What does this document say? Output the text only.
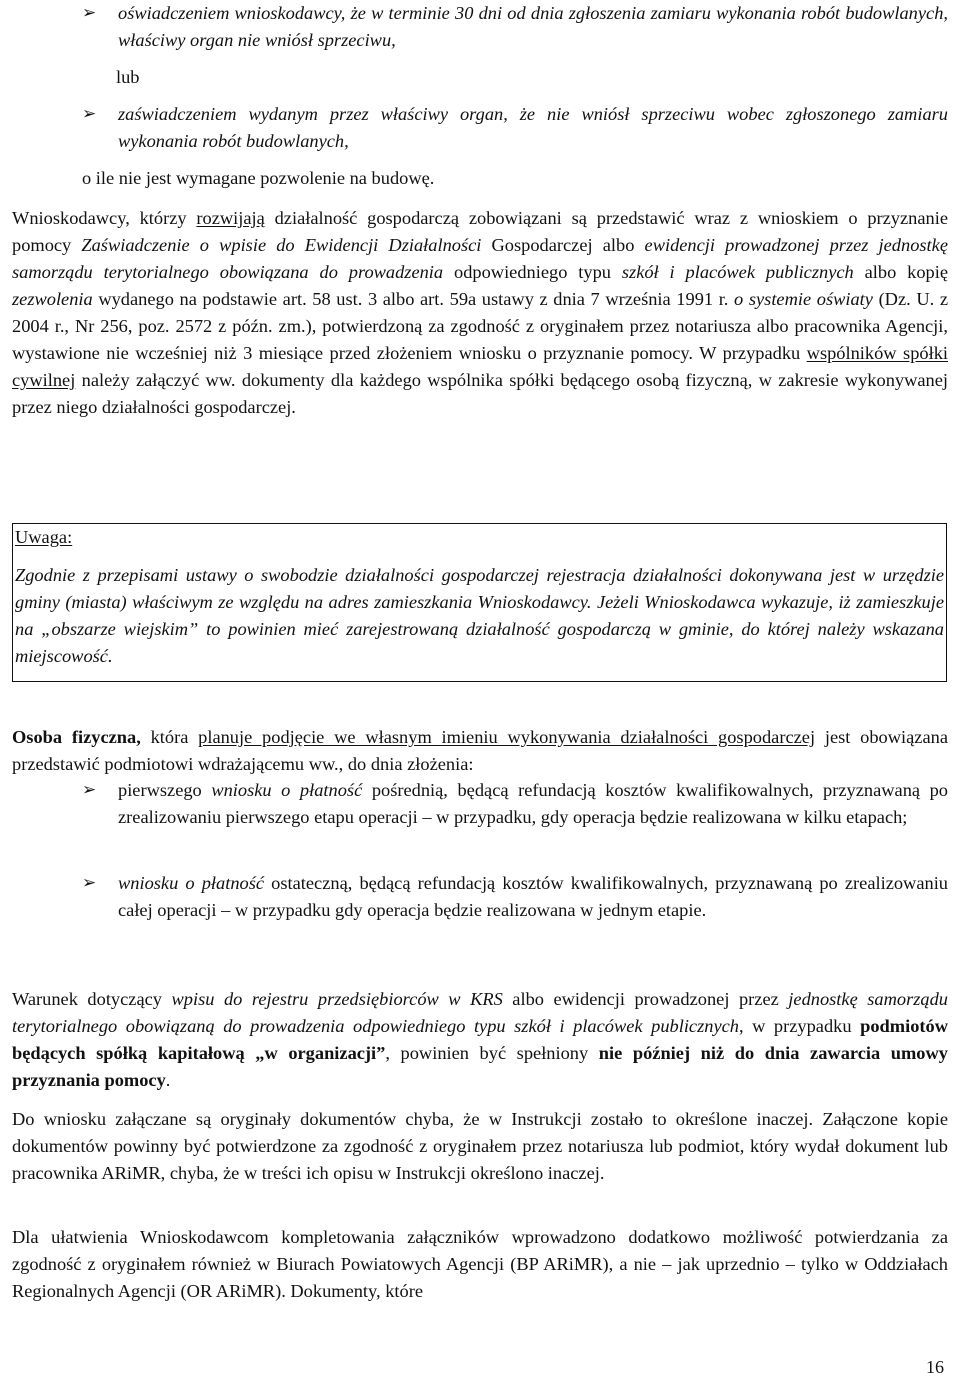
➢	oświadczeniem wnioskodawcy, że w terminie 30 dni od dnia zgłoszenia zamiaru wykonania robót budowlanych, właściwy organ nie wniósł sprzeciwu,
lub
➢	zaświadczeniem wydanym przez właściwy organ, że nie wniósł sprzeciwu wobec zgłoszonego zamiaru wykonania robót budowlanych,
o ile nie jest wymagane pozwolenie na budowę.
Wnioskodawcy, którzy rozwijają działalność gospodarczą zobowiązani są przedstawić wraz z wnioskiem o przyznanie pomocy Zaświadczenie o wpisie do Ewidencji Działalności Gospodarczej albo ewidencji prowadzonej przez jednostkę samorządu terytorialnego obowiązana do prowadzenia odpowiedniego typu szkół i placówek publicznych albo kopię zezwolenia wydanego na podstawie art. 58 ust. 3 albo art. 59a ustawy z dnia 7 września 1991 r. o systemie oświaty (Dz. U. z 2004 r., Nr 256, poz. 2572 z późn. zm.), potwierdzoną za zgodność z oryginałem przez notariusza albo pracownika Agencji, wystawione nie wcześniej niż 3 miesiące przed złożeniem wniosku o przyznanie pomocy. W przypadku wspólników spółki cywilnej należy załączyć ww. dokumenty dla każdego wspólnika spółki będącego osobą fizyczną, w zakresie wykonywanej przez niego działalności gospodarczej.
Uwaga:
Zgodnie z przepisami ustawy o swobodzie działalności gospodarczej rejestracja działalności dokonywana jest w urzędzie gminy (miasta) właściwym ze względu na adres zamieszkania Wnioskodawcy. Jeżeli Wnioskodawca wykazuje, iż zamieszkuje na „obszarze wiejskim” to powinien mieć zarejestrowaną działalność gospodarczą w gminie, do której należy wskazana miejscowość.
Osoba fizyczna, która planuje podjęcie we własnym imieniu wykonywania działalności gospodarczej jest obowiązana przedstawić podmiotowi wdrażającemu ww., do dnia złożenia:
➢	pierwszego wniosku o płatność pośrednią, będącą refundacją kosztów kwalifikowalnych, przyznawaną po zrealizowaniu pierwszego etapu operacji – w przypadku, gdy operacja będzie realizowana w kilku etapach;
➢	wniosku o płatność ostateczną, będącą refundacją kosztów kwalifikowalnych, przyznawaną po zrealizowaniu całej operacji – w przypadku gdy operacja będzie realizowana w jednym etapie.
Warunek dotyczący wpisu do rejestru przedsiębiorców w KRS albo ewidencji prowadzonej przez jednostkę samorządu terytorialnego obowiązaną do prowadzenia odpowiedniego typu szkół i placówek publicznych, w przypadku podmiotów będących spółką kapitałową „w organizacji”, powinien być spełniony nie później niż do dnia zawarcia umowy przyznania pomocy.
Do wniosku załączane są oryginały dokumentów chyba, że w Instrukcji zostało to określone inaczej. Załączone kopie dokumentów powinny być potwierdzone za zgodność z oryginałem przez notariusza lub podmiot, który wydał dokument lub pracownika ARiMR, chyba, że w treści ich opisu w Instrukcji określono inaczej.
Dla ułatwienia Wnioskodawcom kompletowania załączników wprowadzono dodatkowo możliwość potwierdzania za zgodność z oryginałem również w Biurach Powiatowych Agencji (BP ARiMR), a nie – jak uprzednio – tylko w Oddziałach Regionalnych Agencji (OR ARiMR). Dokumenty, które
16
